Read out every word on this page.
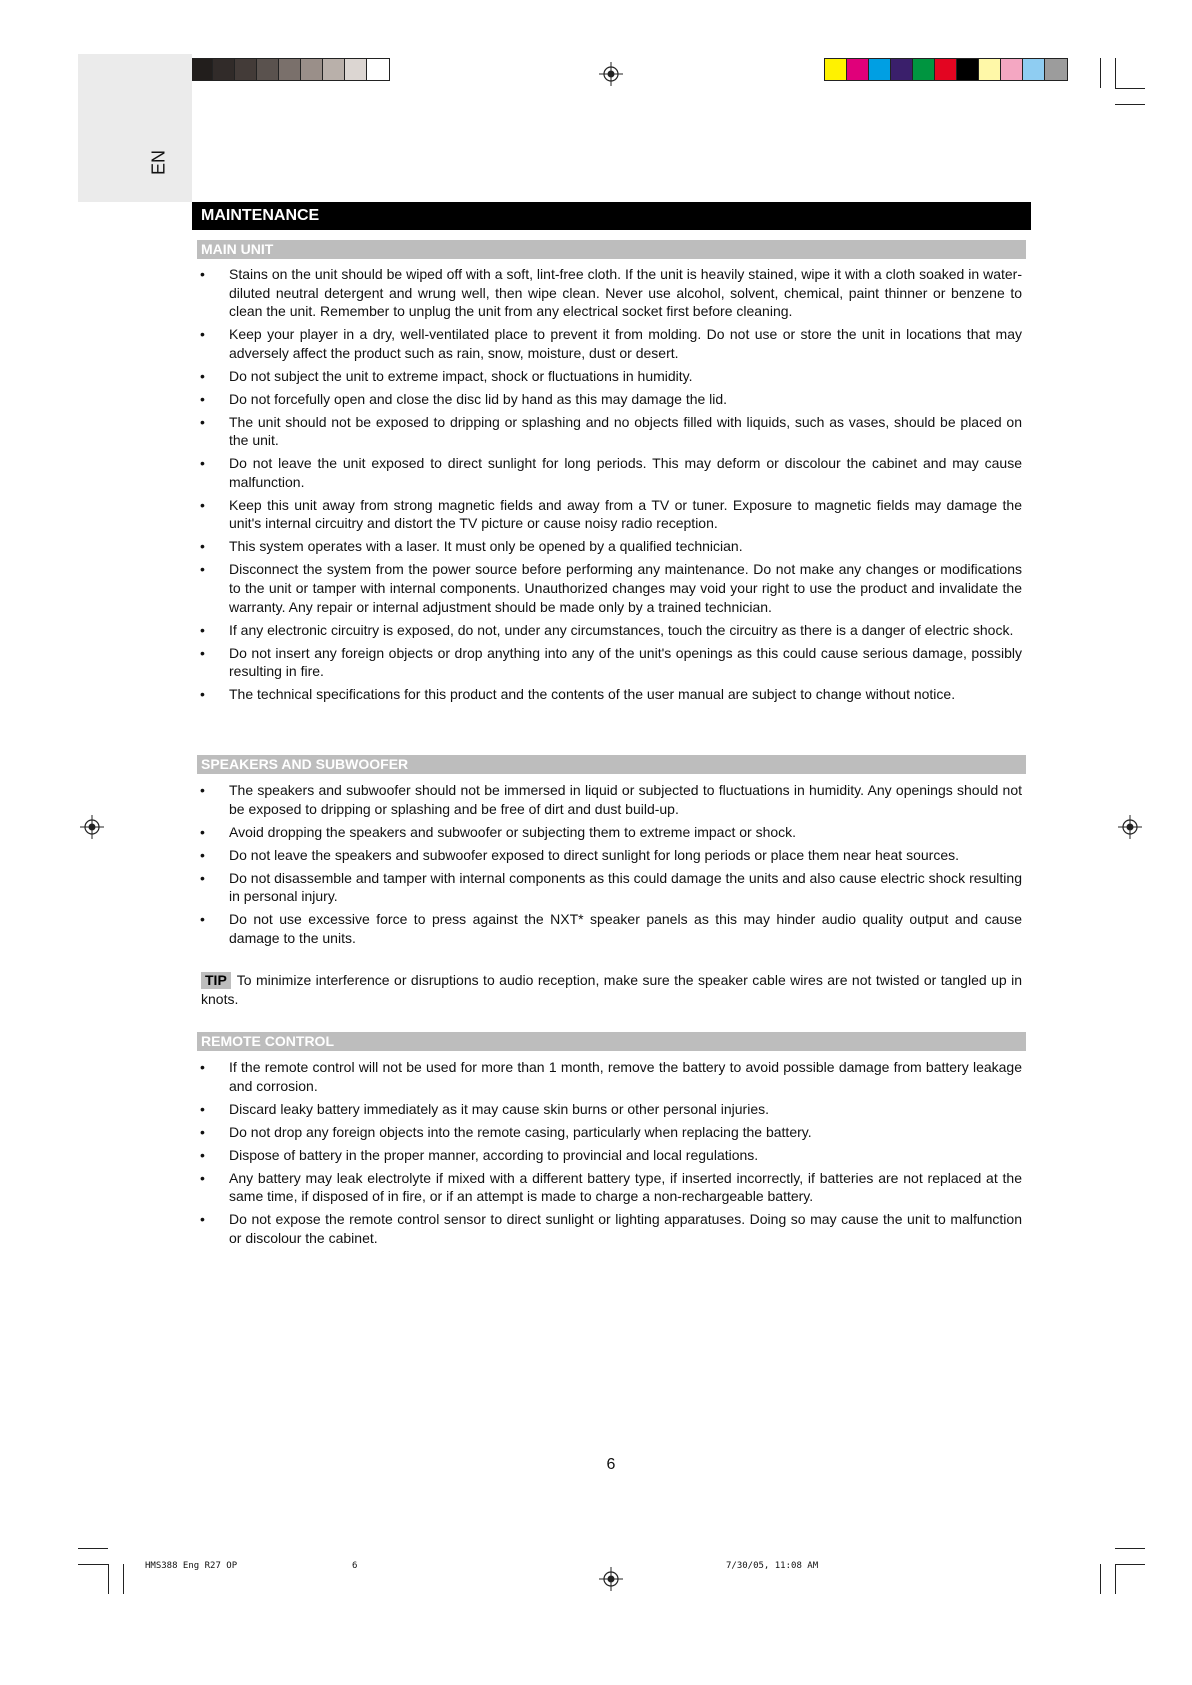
EN
MAINTENANCE
MAIN UNIT
• Stains on the unit should be wiped off with a soft, lint-free cloth. If the unit is heavily stained, wipe it with a cloth soaked in water-diluted neutral detergent and wrung well, then wipe clean. Never use alcohol, solvent, chemical, paint thinner or benzene to clean the unit. Remember to unplug the unit from any electrical socket first before cleaning.
• Keep your player in a dry, well-ventilated place to prevent it from molding. Do not use or store the unit in locations that may adversely affect the product such as rain, snow, moisture, dust or desert.
• Do not subject the unit to extreme impact, shock or fluctuations in humidity.
• Do not forcefully open and close the disc lid by hand as this may damage the lid.
• The unit should not be exposed to dripping or splashing and no objects filled with liquids, such as vases, should be placed on the unit.
• Do not leave the unit exposed to direct sunlight for long periods. This may deform or discolour the cabinet and may cause malfunction.
• Keep this unit away from strong magnetic fields and away from a TV or tuner. Exposure to magnetic fields may damage the unit's internal circuitry and distort the TV picture or cause noisy radio reception.
• This system operates with a laser. It must only be opened by a qualified technician.
• Disconnect the system from the power source before performing any maintenance. Do not make any changes or modifications to the unit or tamper with internal components. Unauthorized changes may void your right to use the product and invalidate the warranty. Any repair or internal adjustment should be made only by a trained technician.
• If any electronic circuitry is exposed, do not, under any circumstances, touch the circuitry as there is a danger of electric shock.
• Do not insert any foreign objects or drop anything into any of the unit's openings as this could cause serious damage, possibly resulting in fire.
• The technical specifications for this product and the contents of the user manual are subject to change without notice.
SPEAKERS AND SUBWOOFER
• The speakers and subwoofer should not be immersed in liquid or subjected to fluctuations in humidity. Any openings should not be exposed to dripping or splashing and be free of dirt and dust build-up.
• Avoid dropping the speakers and subwoofer or subjecting them to extreme impact or shock.
• Do not leave the speakers and subwoofer exposed to direct sunlight for long periods or place them near heat sources.
• Do not disassemble and tamper with internal components as this could damage the units and also cause electric shock resulting in personal injury.
• Do not use excessive force to press against the NXT* speaker panels as this may hinder audio quality output and cause damage to the units.
TIP To minimize interference or disruptions to audio reception, make sure the speaker cable wires are not twisted or tangled up in knots.
REMOTE CONTROL
• If the remote control will not be used for more than 1 month, remove the battery to avoid possible damage from battery leakage and corrosion.
• Discard leaky battery immediately as it may cause skin burns or other personal injuries.
• Do not drop any foreign objects into the remote casing, particularly when replacing the battery.
• Dispose of battery in the proper manner, according to provincial and local regulations.
• Any battery may leak electrolyte if mixed with a different battery type, if inserted incorrectly, if batteries are not replaced at the same time, if disposed of in fire, or if an attempt is made to charge a non-rechargeable battery.
• Do not expose the remote control sensor to direct sunlight or lighting apparatuses. Doing so may cause the unit to malfunction or discolour the cabinet.
6
HMS388 Eng R27 OP	6	7/30/05, 11:08 AM
